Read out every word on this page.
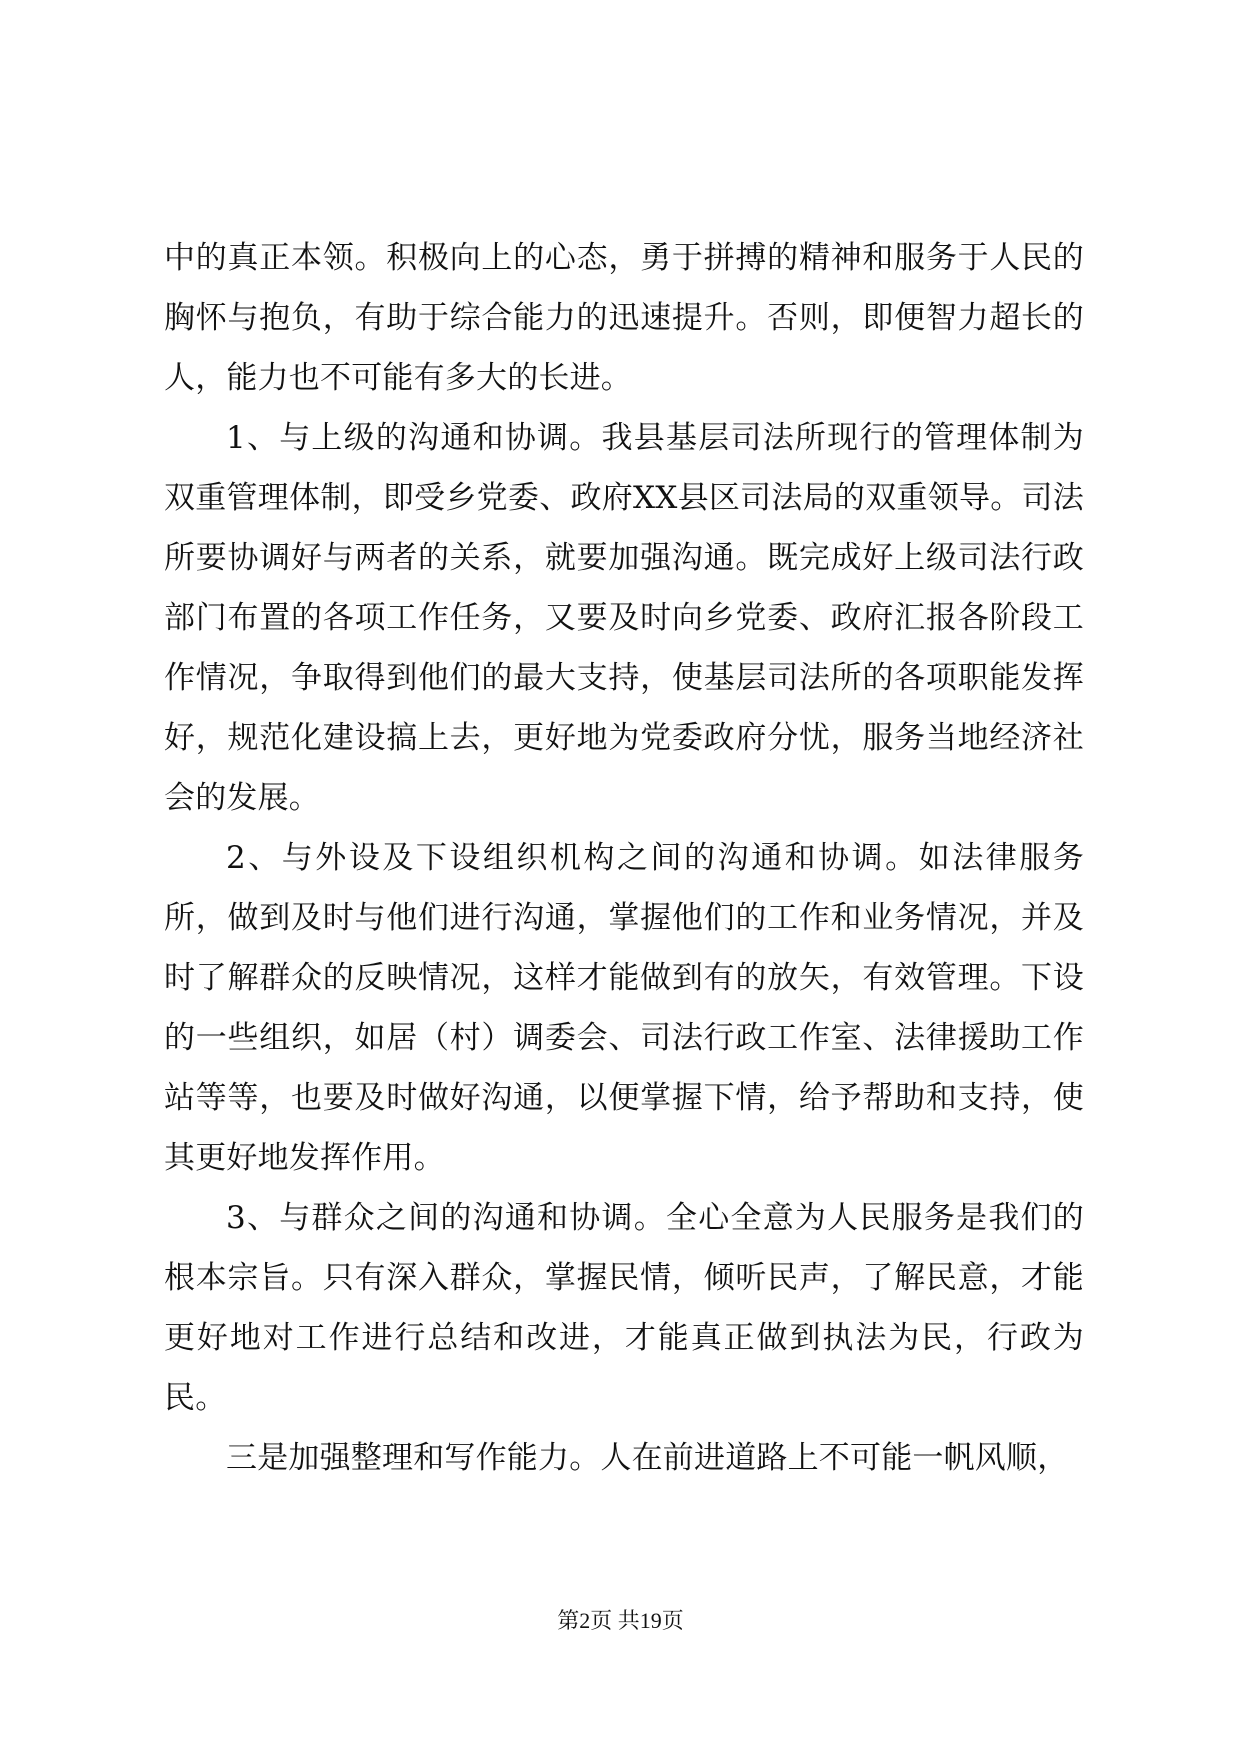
中的真正本领。积极向上的心态，勇于拼搏的精神和服务于人民的胸怀与抱负，有助于综合能力的迅速提升。否则，即便智力超长的人，能力也不可能有多大的长进。

1、与上级的沟通和协调。我县基层司法所现行的管理体制为双重管理体制，即受乡党委、政府XX县区司法局的双重领导。司法所要协调好与两者的关系，就要加强沟通。既完成好上级司法行政部门布置的各项工作任务，又要及时向乡党委、政府汇报各阶段工作情况，争取得到他们的最大支持，使基层司法所的各项职能发挥好，规范化建设搞上去，更好地为党委政府分忧，服务当地经济社会的发展。

2、与外设及下设组织机构之间的沟通和协调。如法律服务所，做到及时与他们进行沟通，掌握他们的工作和业务情况，并及时了解群众的反映情况，这样才能做到有的放矢，有效管理。下设的一些组织，如居（村）调委会、司法行政工作室、法律援助工作站等等，也要及时做好沟通，以便掌握下情，给予帮助和支持，使其更好地发挥作用。

3、与群众之间的沟通和协调。全心全意为人民服务是我们的根本宗旨。只有深入群众，掌握民情，倾听民声，了解民意，才能更好地对工作进行总结和改进，才能真正做到执法为民，行政为民。

三是加强整理和写作能力。人在前进道路上不可能一帆风顺，

第2页 共19页
